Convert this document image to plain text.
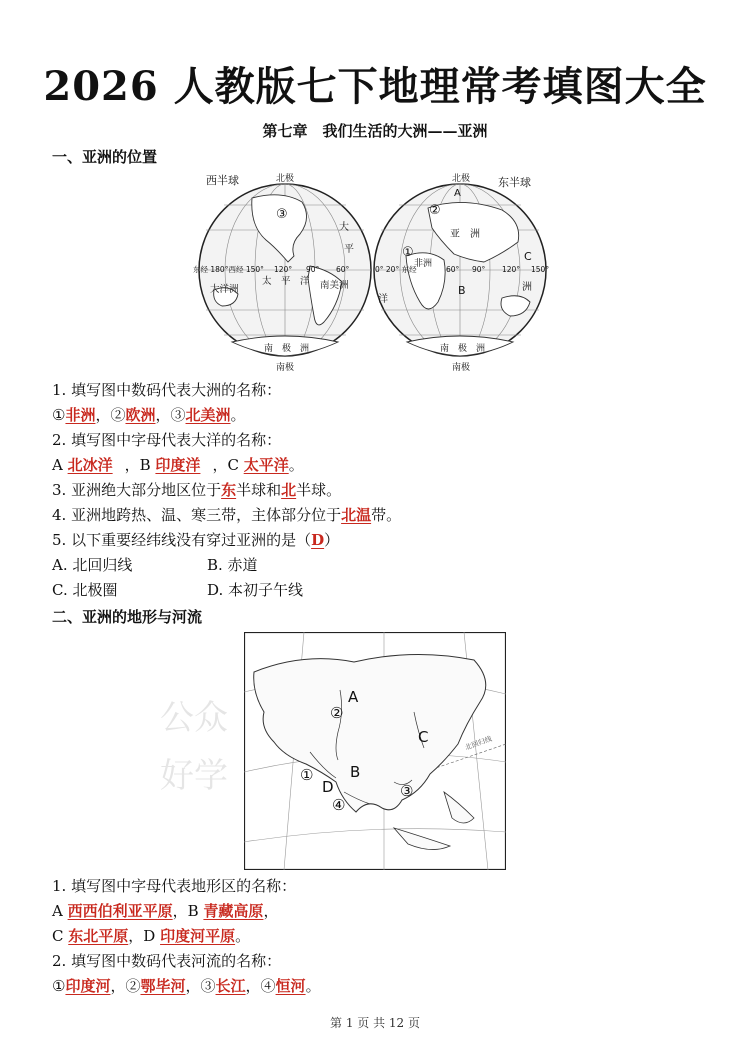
2026 人教版七下地理常考填图大全
第七章　我们生活的大洲——亚洲
一、亚洲的位置
西半球	北极
南极
③
大
平
东经 180°西经 150° 120° 90° 60°
大洋洲
太　平　洋 南美洲
南　极　洲
东半球
北极
南极
A
②
亚　洲
①	C
0° 20° 东经	60° 90° 120° 150°
非洲
B
洋
洲
南　极　洲
1. 填写图中数码代表大洲的名称：
①非洲，②欧洲，③北美洲。
2. 填写图中字母代表大洋的名称：
A 北冰洋 ，B 印度洋 ，C 太平洋。
3. 亚洲绝大部分地区位于东半球和北半球。
4. 亚洲地跨热、温、寒三带，主体部分位于北温带。
5. 以下重要经纬线没有穿过亚洲的是（D）
A. 北回归线	B. 赤道
C. 北极圈	D. 本初子午线
二、亚洲的地形与河流
A
②
C
① B
D	③
④
北回归线
公众
好学
1. 填写图中字母代表地形区的名称：
A 西西伯利亚平原，B 青藏高原，
C 东北平原，D 印度河平原。
2. 填写图中数码代表河流的名称：
①印度河，②鄂毕河，③长江，④恒河。
第 1 页 共 12 页
